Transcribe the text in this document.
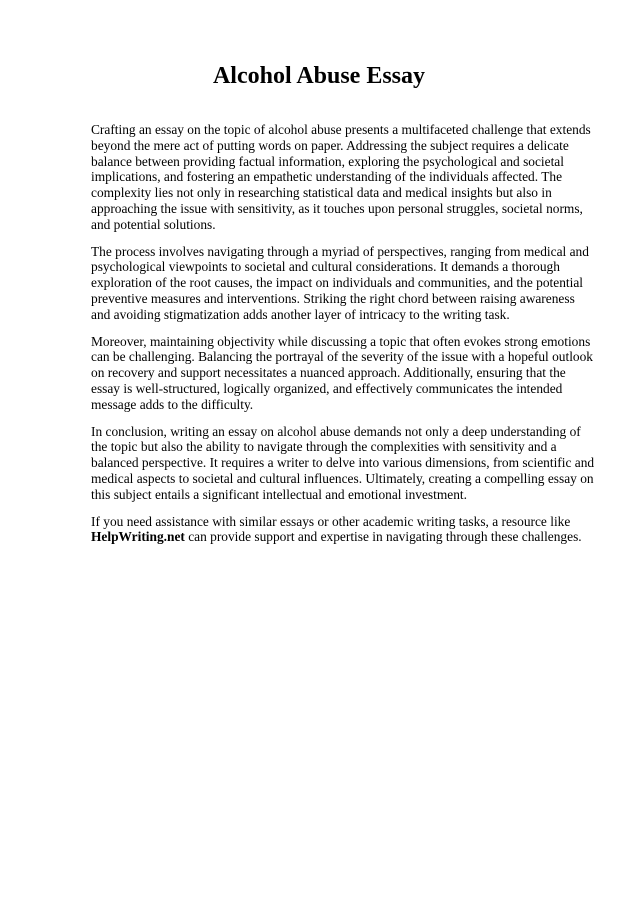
Alcohol Abuse Essay

Crafting an essay on the topic of alcohol abuse presents a multifaceted challenge that extends beyond the mere act of putting words on paper. Addressing the subject requires a delicate balance between providing factual information, exploring the psychological and societal implications, and fostering an empathetic understanding of the individuals affected. The complexity lies not only in researching statistical data and medical insights but also in approaching the issue with sensitivity, as it touches upon personal struggles, societal norms, and potential solutions.

The process involves navigating through a myriad of perspectives, ranging from medical and psychological viewpoints to societal and cultural considerations. It demands a thorough exploration of the root causes, the impact on individuals and communities, and the potential preventive measures and interventions. Striking the right chord between raising awareness and avoiding stigmatization adds another layer of intricacy to the writing task.

Moreover, maintaining objectivity while discussing a topic that often evokes strong emotions can be challenging. Balancing the portrayal of the severity of the issue with a hopeful outlook on recovery and support necessitates a nuanced approach. Additionally, ensuring that the essay is well-structured, logically organized, and effectively communicates the intended message adds to the difficulty.

In conclusion, writing an essay on alcohol abuse demands not only a deep understanding of the topic but also the ability to navigate through the complexities with sensitivity and a balanced perspective. It requires a writer to delve into various dimensions, from scientific and medical aspects to societal and cultural influences. Ultimately, creating a compelling essay on this subject entails a significant intellectual and emotional investment.

If you need assistance with similar essays or other academic writing tasks, a resource like HelpWriting.net can provide support and expertise in navigating through these challenges.
